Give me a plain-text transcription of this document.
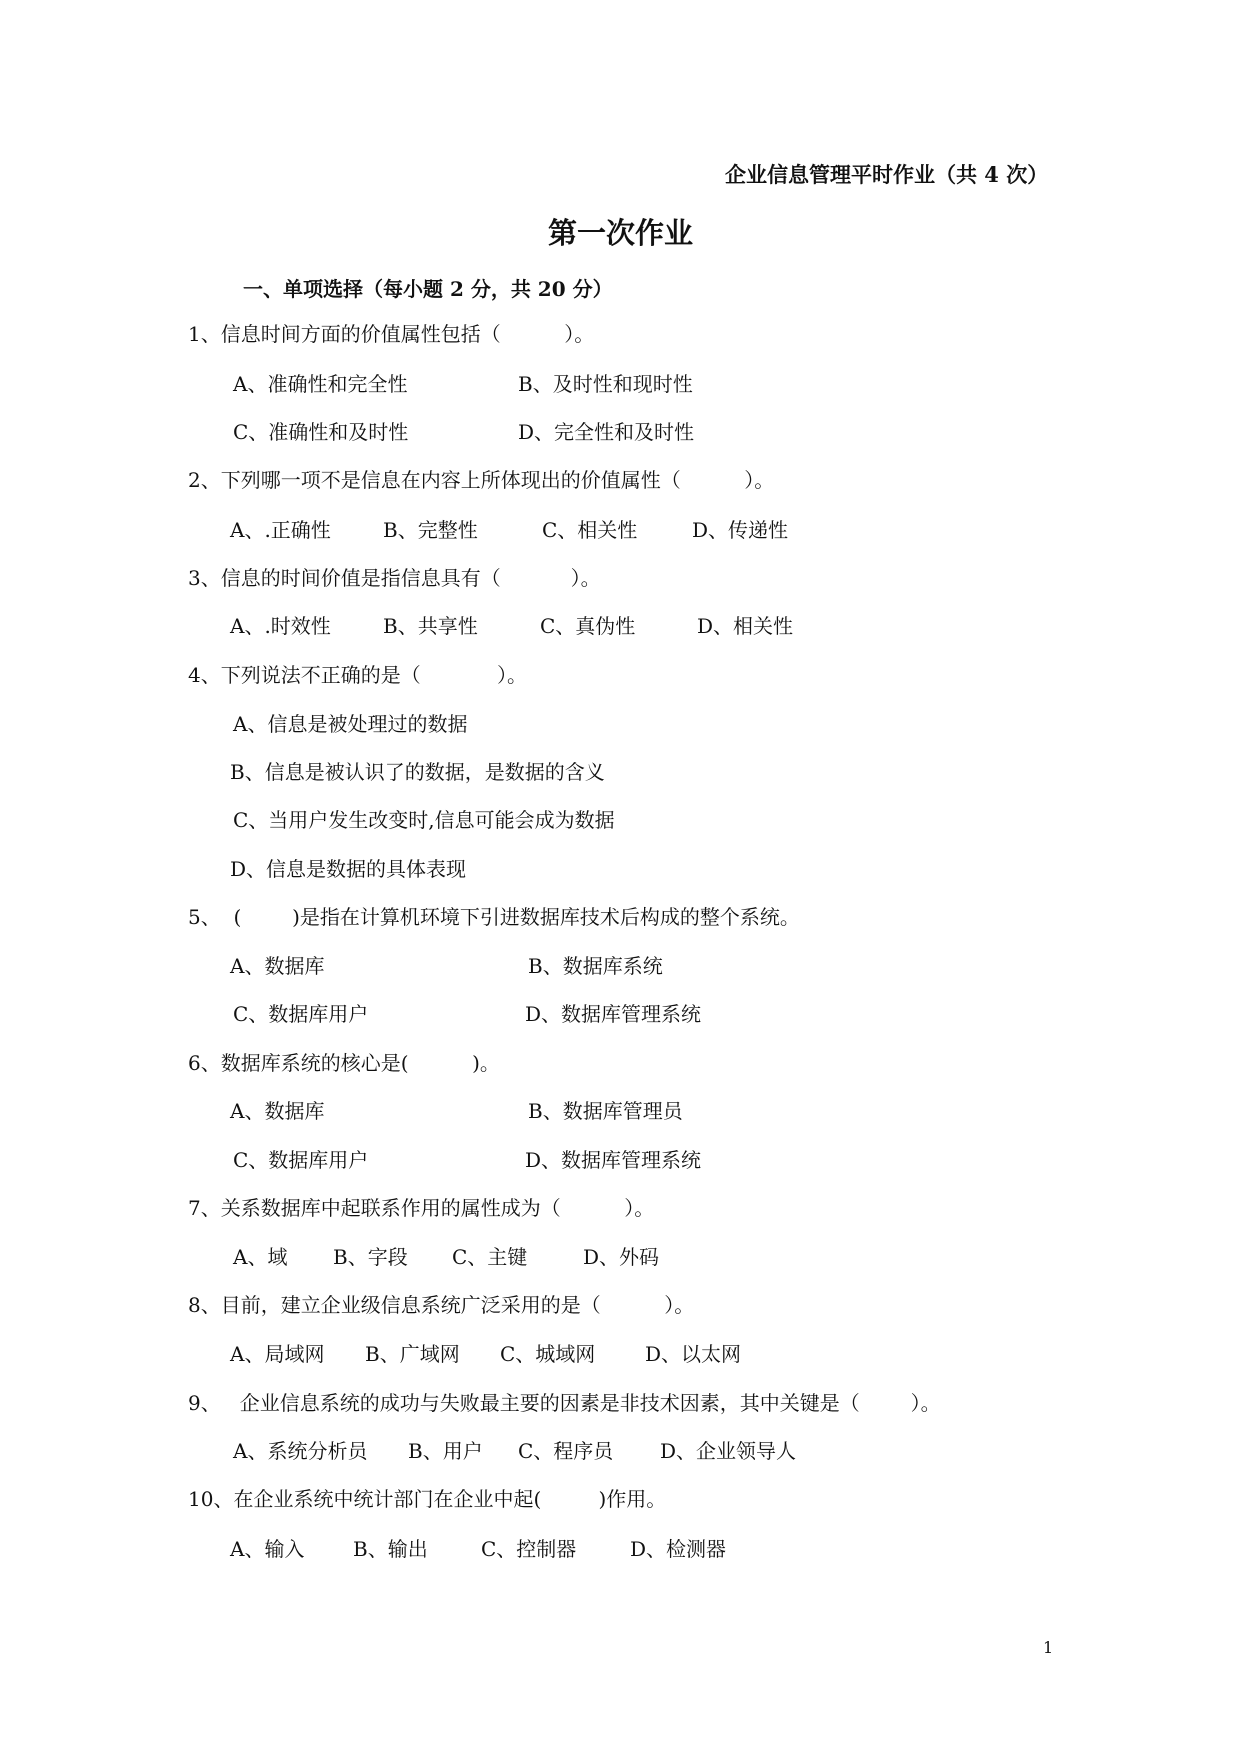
企业信息管理平时作业（共 4 次）
第一次作业
一、单项选择（每小题 2 分，共 20 分）
1、信息时间方面的价值属性包括（          ）。
A、准确性和完全性	B、及时性和现时性
C、准确性和及时性	D、完全性和及时性
2、下列哪一项不是信息在内容上所体现出的价值属性（          ）。
A、.正确性	B、完整性	C、相关性	D、传递性
3、信息的时间价值是指信息具有（           ）。
A、.时效性	B、共享性	C、真伪性	D、相关性
4、下列说法不正确的是（            ）。
A、信息是被处理过的数据
B、信息是被认识了的数据，是数据的含义
C、当用户发生改变时,信息可能会成为数据
D、信息是数据的具体表现
5、  (        )是指在计算机环境下引进数据库技术后构成的整个系统。
A、数据库	B、数据库系统
C、数据库用户	D、数据库管理系统
6、数据库系统的核心是(          )。
A、数据库	B、数据库管理员
C、数据库用户	D、数据库管理系统
7、关系数据库中起联系作用的属性成为（          ）。
A、域 B、字段 C、主键	D、外码
8、目前，建立企业级信息系统广泛采用的是（          ）。
A、局域网 B、广域网 C、城域网 D、以太网
9、   企业信息系统的成功与失败最主要的因素是非技术因素，其中关键是（        ）。
A、系统分析员 B、用户 C、程序员 D、企业领导人
10、在企业系统中统计部门在企业中起(         )作用。
A、输入 B、输出	C、控制器	D、检测器
1
